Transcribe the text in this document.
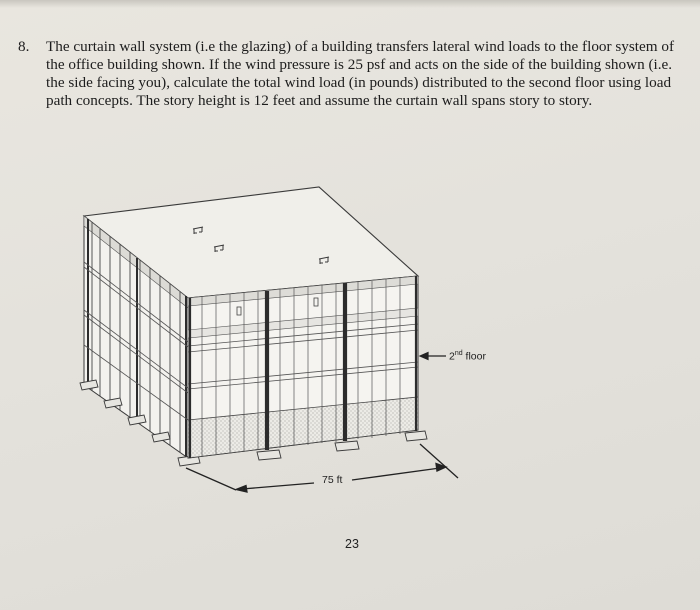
8.	The curtain wall system (i.e the glazing) of a building transfers lateral wind loads to the floor system of the office building shown. If the wind pressure is 25 psf and acts on the side of the building shown (i.e. the side facing you), calculate the total wind load (in pounds) distributed to the second floor using load path concepts. The story height is 12 feet and assume the curtain wall spans story to story.
2nd floor
75 ft
23
